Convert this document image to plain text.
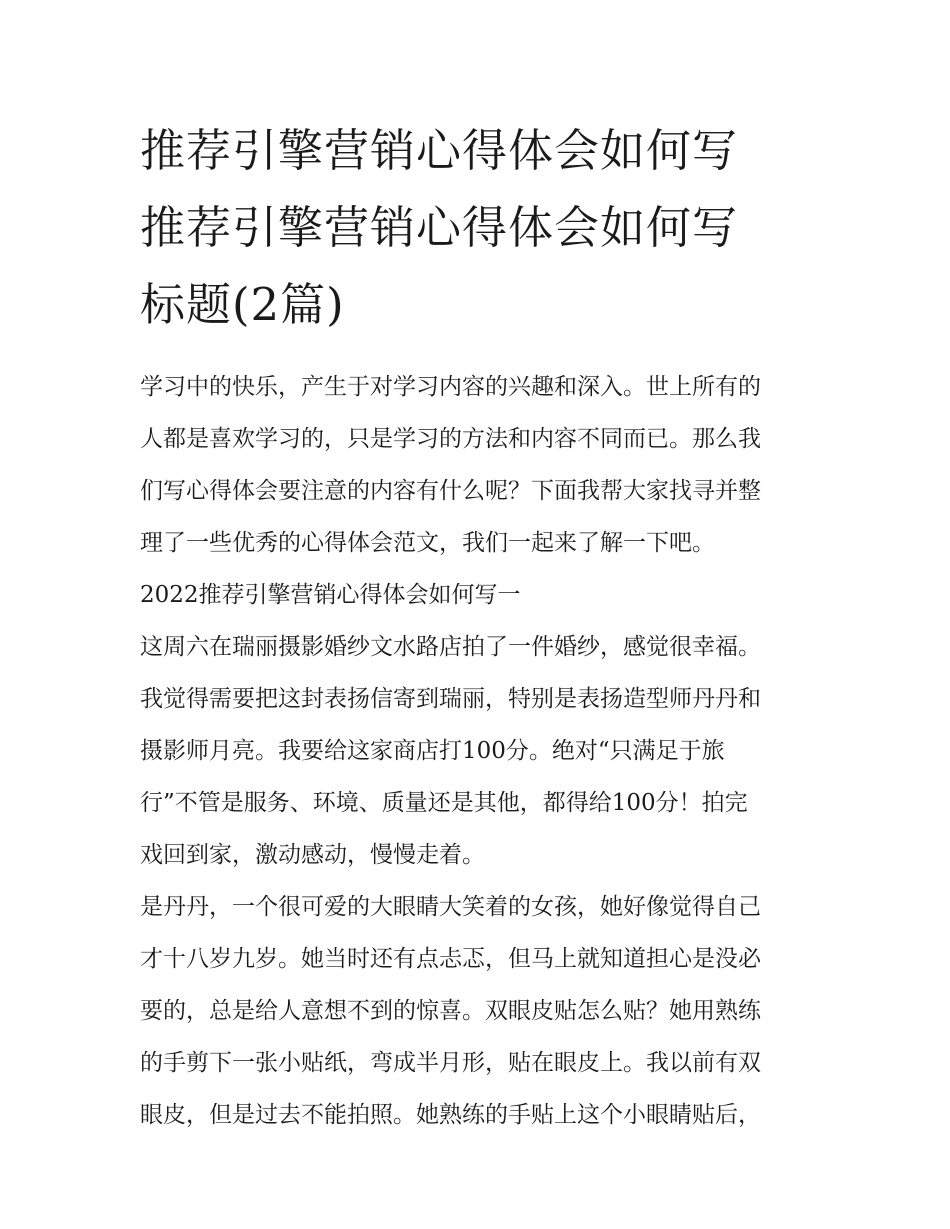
推荐引擎营销心得体会如何写
推荐引擎营销心得体会如何写
标题(2篇)

学习中的快乐，产生于对学习内容的兴趣和深入。世上所有的
人都是喜欢学习的，只是学习的方法和内容不同而已。那么我
们写心得体会要注意的内容有什么呢？下面我帮大家找寻并整
理了一些优秀的心得体会范文，我们一起来了解一下吧。

2022推荐引擎营销心得体会如何写一

这周六在瑞丽摄影婚纱文水路店拍了一件婚纱，感觉很幸福。
我觉得需要把这封表扬信寄到瑞丽，特别是表扬造型师丹丹和
摄影师月亮。我要给这家商店打100分。绝对“只满足于旅
行”不管是服务、环境、质量还是其他，都得给100分！拍完
戏回到家，激动感动，慢慢走着。

是丹丹，一个很可爱的大眼睛大笑着的女孩，她好像觉得自己
才十八岁九岁。她当时还有点忐忑，但马上就知道担心是没必
要的，总是给人意想不到的惊喜。双眼皮贴怎么贴？她用熟练
的手剪下一张小贴纸，弯成半月形，贴在眼皮上。我以前有双
眼皮，但是过去不能拍照。她熟练的手贴上这个小眼睛贴后，
